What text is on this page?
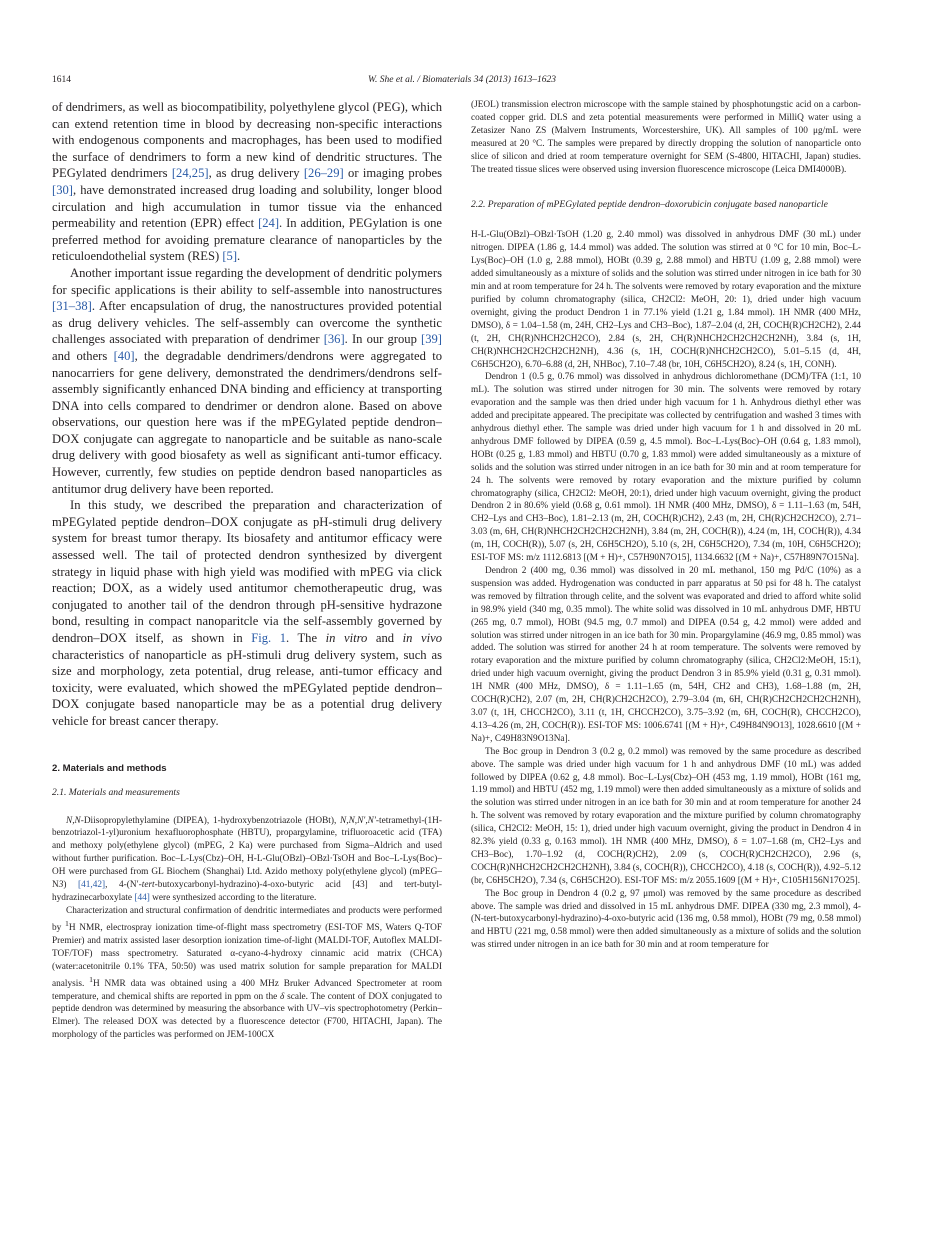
1614	W. She et al. / Biomaterials 34 (2013) 1613–1623

of dendrimers, as well as biocompatibility, polyethylene glycol (PEG), which can extend retention time in blood by decreasing non-specific interactions with endogenous components and macrophages, has been used to modified the surface of dendrimers to form a new kind of dendritic structures. The PEGylated dendrimers [24,25], as drug delivery [26–29] or imaging probes [30], have demonstrated increased drug loading and solubility, longer blood circulation and high accumulation in tumor tissue via the enhanced permeability and retention (EPR) effect [24]. In addition, PEGylation is one preferred method for avoiding premature clearance of nanoparticles by the reticuloendothelial system (RES) [5].

Another important issue regarding the development of dendritic polymers for specific applications is their ability to self-assemble into nanostructures [31–38]. After encapsulation of drug, the nanostructures provided potential as drug delivery vehicles. The self-assembly can overcome the synthetic challenges associated with preparation of dendrimer [36]. In our group [39] and others [40], the degradable dendrimers/dendrons were aggregated to nanocarriers for gene delivery, demonstrated the dendrimers/dendrons self-assembly significantly enhanced DNA binding and efficiency at transporting DNA into cells compared to dendrimer or dendron alone. Based on above observations, our question here was if the mPEGylated peptide dendron–DOX conjugate can aggregate to nanoparticle and be suitable as nano-scale drug delivery with good biosafety as well as significant anti-tumor efficacy. However, currently, few studies on peptide dendron based nanoparticles as antitumor drug delivery have been reported.

In this study, we described the preparation and characterization of mPEGylated peptide dendron–DOX conjugate as pH-stimuli drug delivery system for breast tumor therapy. Its biosafety and antitumor efficacy were assessed well. The tail of protected dendron synthesized by divergent strategy in liquid phase with high yield was modified with mPEG via click reaction; DOX, as a widely used antitumor chemotherapeutic drug, was conjugated to another tail of the dendron through pH-sensitive hydrazone bond, resulting in compact nanoparitcle via the self-assembly governed by dendron–DOX itself, as shown in Fig. 1. The in vitro and in vivo characteristics of nanoparticle as pH-stimuli drug delivery system, such as size and morphology, zeta potential, drug release, anti-tumor efficacy and toxicity, were evaluated, which showed the mPEGylated peptide dendron–DOX conjugate based nanoparticle may be as a potential drug delivery vehicle for breast cancer therapy.

2. Materials and methods
2.1. Materials and measurements

N,N-Diisopropylethylamine (DIPEA), 1-hydroxybenzotriazole (HOBt), N,N,N′,N′-tetramethyl-(1H-benzotriazol-1-yl)uronium hexafluorophosphate (HBTU), propargylamine, trifluoroacetic acid (TFA) and methoxy poly(ethylene glycol) (mPEG, 2 Ka) were purchased from Sigma–Aldrich and used without further purification. Boc–L-Lys(Cbz)–OH, H-L-Glu(OBzl)–OBzl·TsOH and Boc–L-Lys(Boc)–OH were purchased from GL Biochem (Shanghai) Ltd. Azido methoxy poly(ethylene glycol) (mPEG–N3) [41,42], 4-(N′-tert-butoxycarbonyl-hydrazino)-4-oxo-butyric acid [43] and tert-butyl-hydrazinecarboxylate [44] were synthesized according to the literature.

Characterization and structural confirmation of dendritic intermediates and products were performed by $^1$H NMR, electrospray ionization time-of-flight mass spectrometry (ESI-TOF MS, Waters Q-TOF Premier) and matrix assisted laser desorption ionization time-of-light (MALDI-TOF, Autoflex MALDI-TOF/TOF) mass spectrometry. Saturated α-cyano-4-hydroxy cinnamic acid matrix (CHCA) (water:acetonitrile 0.1% TFA, 50:50) was used matrix solution for sample preparation for MALDI analysis. $^1$H NMR data was obtained using a 400 MHz Bruker Advanced Spectrometer at room temperature, and chemical shifts are reported in ppm on the δ scale. The content of DOX conjugated to peptide dendron was determined by measuring the absorbance with UV–vis spectrophotometry (Perkin–Elmer). The released DOX was detected by a fluorescence detector (F700, HITACHI, Japan). The morphology of the particles was performed on JEM-100CX

(JEOL) transmission electron microscope with the sample stained by phosphotungstic acid on a carbon-coated copper grid. DLS and zeta potential measurements were performed in MilliQ water using a Zetasizer Nano ZS (Malvern Instruments, Worcestershire, UK). All samples of 100 μg/mL were measured at 20 °C. The samples were prepared by directly dropping the solution of nanoparticle onto slice of silicon and dried at room temperature overnight for SEM (S-4800, HITACHI, Japan) studies. The treated tissue slices were observed using inversion fluorescence microscope (Leica DMI4000B).

2.2. Preparation of mPEGylated peptide dendron–doxorubicin conjugate based nanoparticle

H-L-Glu(OBzl)–OBzl·TsOH (1.20 g, 2.40 mmol) was dissolved in anhydrous DMF (30 mL) under nitrogen. DIPEA (1.86 g, 14.4 mmol) was added. The solution was stirred at 0 °C for 10 min, Boc–L-Lys(Boc)–OH (1.0 g, 2.88 mmol), HOBt (0.39 g, 2.88 mmol) and HBTU (1.09 g, 2.88 mmol) were added simultaneously as a mixture of solids and the solution was stirred under nitrogen in ice bath for 30 min and at room temperature for 24 h. The solvents were removed by rotary evaporation and the mixture purified by column chromatography (silica, CH2Cl2: MeOH, 20: 1), dried under high vacuum overnight, giving the product Dendron 1 in 77.1% yield (1.21 g, 1.84 mmol). 1H NMR (400 MHz, DMSO), δ = 1.04–1.58 (m, 24H, CH2–Lys and CH3–Boc), 1.87–2.04 (d, 2H, COCH(R)CH2CH2), 2.44 (t, 2H, CH(R)NHCH2CH2CO), 2.84 (s, 2H, CH(R)NHCH2CH2CH2CH2NH), 3.84 (s, 1H, CH(R)NHCH2CH2CH2CH2NH), 4.36 (s, 1H, COCH(R)NHCH2CH2CO), 5.01–5.15 (d, 4H, C6H5CH2O), 6.70–6.88 (d, 2H, NHBoc), 7.10–7.48 (br, 10H, C6H5CH2O), 8.24 (s, 1H, CONH).

Dendron 1 (0.5 g, 0.76 mmol) was dissolved in anhydrous dichloromethane (DCM)/TFA (1:1, 10 mL). The solution was stirred under nitrogen for 30 min. The solvents were removed by rotary evaporation and the sample was then dried under high vacuum for 1 h. Anhydrous diethyl ether was added and precipitate appeared. The precipitate was collected by centrifugation and washed 3 times with anhydrous diethyl ether. The sample was dried under high vacuum for 1 h and dissolved in 20 mL anhydrous DMF followed by DIPEA (0.59 g, 4.5 mmol). Boc–L-Lys(Boc)–OH (0.64 g, 1.83 mmol), HOBt (0.25 g, 1.83 mmol) and HBTU (0.70 g, 1.83 mmol) were added simultaneously as a mixture of solids and the solution was stirred under nitrogen in an ice bath for 30 min and at room temperature for 24 h. The solvents were removed by rotary evaporation and the mixture purified by column chromatography (silica, CH2Cl2: MeOH, 20:1), dried under high vacuum overnight, giving the product Dendron 2 in 80.6% yield (0.68 g, 0.61 mmol). 1H NMR (400 MHz, DMSO), δ = 1.11–1.63 (m, 54H, CH2–Lys and CH3–Boc), 1.81–2.13 (m, 2H, COCH(R)CH2), 2.43 (m, 2H, CH(R)CH2CH2CO), 2.71–3.03 (m, 6H, CH(R)NHCH2CH2CH2CH2NH), 3.84 (m, 2H, COCH(R)), 4.24 (m, 1H, COCH(R)), 4.34 (m, 1H, COCH(R)), 5.07 (s, 2H, C6H5CH2O), 5.10 (s, 2H, C6H5CH2O), 7.34 (m, 10H, C6H5CH2O); ESI-TOF MS: m/z 1112.6813 [(M + H)+, C57H90N7O15], 1134.6632 [(M + Na)+, C57H89N7O15Na].

Dendron 2 (400 mg, 0.36 mmol) was dissolved in 20 mL methanol, 150 mg Pd/C (10%) as a suspension was added. Hydrogenation was conducted in parr apparatus at 50 psi for 48 h. The catalyst was removed by filtration through celite, and the solvent was evaporated and dried to afford white solid in 98.9% yield (340 mg, 0.35 mmol). The white solid was dissolved in 10 mL anhydrous DMF, HBTU (265 mg, 0.7 mmol), HOBt (94.5 mg, 0.7 mmol) and DIPEA (0.54 g, 4.2 mmol) were added and solution was stirred under nitrogen in an ice bath for 30 min. Propargylamine (46.9 mg, 0.85 mmol) was added. The solution was stirred for another 24 h at room temperature. The solvents were removed by rotary evaporation and the mixture purified by column chromatography (silica, CH2Cl2:MeOH, 15:1), dried under high vacuum overnight, giving the product Dendron 3 in 85.9% yield (0.31 g, 0.31 mmol). 1H NMR (400 MHz, DMSO), δ = 1.11–1.65 (m, 54H, CH2 and CH3), 1.68–1.88 (m, 2H, COCH(R)CH2), 2.07 (m, 2H, CH(R)CH2CH2CO), 2.79–3.04 (m, 6H, CH(R)CH2CH2CH2CH2NH), 3.07 (t, 1H, CHCCH2CO), 3.11 (t, 1H, CHCCH2CO), 3.75–3.92 (m, 6H, COCH(R), CHCCH2CO), 4.13–4.26 (m, 2H, COCH(R)). ESI-TOF MS: 1006.6741 [(M + H)+, C49H84N9O13], 1028.6610 [(M + Na)+, C49H83N9O13Na].

The Boc group in Dendron 3 (0.2 g, 0.2 mmol) was removed by the same procedure as described above. The sample was dried under high vacuum for 1 h and anhydrous DMF (10 mL) was added followed by DIPEA (0.62 g, 4.8 mmol). Boc–L-Lys(Cbz)–OH (453 mg, 1.19 mmol), HOBt (161 mg, 1.19 mmol) and HBTU (452 mg, 1.19 mmol) were then added simultaneously as a mixture of solids and the solution was stirred under nitrogen in an ice bath for 30 min and at room temperature for another 24 h. The solvent was removed by rotary evaporation and the mixture purified by column chromatography (silica, CH2Cl2: MeOH, 15: 1), dried under high vacuum overnight, giving the product in Dendron 4 in 82.3% yield (0.33 g, 0.163 mmol). 1H NMR (400 MHz, DMSO), δ = 1.07–1.68 (m, CH2–Lys and CH3–Boc), 1.70–1.92 (d, COCH(R)CH2), 2.09 (s, COCH(R)CH2CH2CO), 2.96 (s, COCH(R)NHCH2CH2CH2CH2NH), 3.84 (s, COCH(R)), CHCCH2CO), 4.18 (s, COCH(R)), 4.92–5.12 (br, C6H5CH2O), 7.34 (s, C6H5CH2O). ESI-TOF MS: m/z 2055.1609 [(M + H)+, C105H156N17O25].

The Boc group in Dendron 4 (0.2 g, 97 μmol) was removed by the same procedure as described above. The sample was dried and dissolved in 15 mL anhydrous DMF. DIPEA (330 mg, 2.3 mmol), 4-(N-tert-butoxycarbonyl-hydrazino)-4-oxo-butyric acid (136 mg, 0.58 mmol), HOBt (79 mg, 0.58 mmol) and HBTU (221 mg, 0.58 mmol) were then added simultaneously as a mixture of solids and the solution was stirred under nitrogen in an ice bath for 30 min and at room temperature for
